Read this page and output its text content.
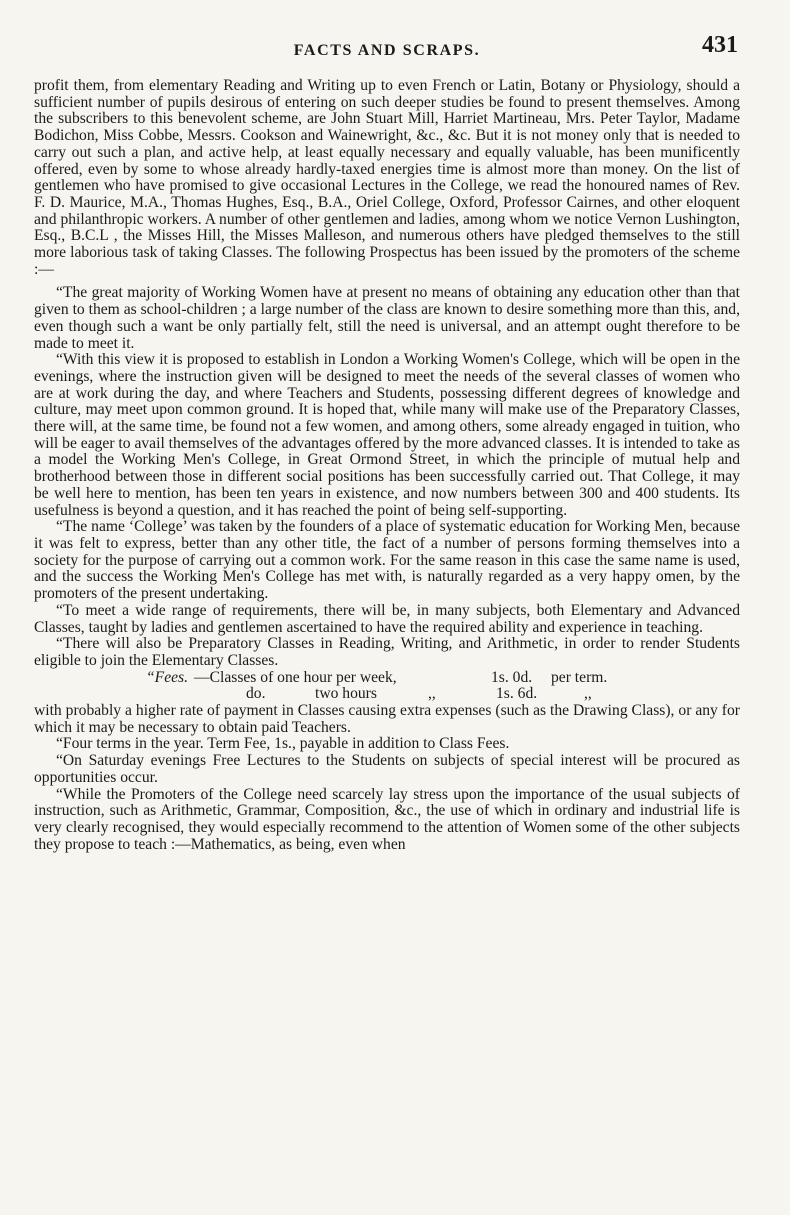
FACTS AND SCRAPS.	431

profit them, from elementary Reading and Writing up to even French or Latin, Botany or Physiology, should a sufficient number of pupils desirous of entering on such deeper studies be found to present themselves. Among the subscribers to this benevolent scheme, are John Stuart Mill, Harriet Martineau, Mrs. Peter Taylor, Madame Bodichon, Miss Cobbe, Messrs. Cookson and Wainewright, &c., &c. But it is not money only that is needed to carry out such a plan, and active help, at least equally necessary and equally valuable, has been munificently offered, even by some to whose already hardly-taxed energies time is almost more than money. On the list of gentlemen who have promised to give occasional Lectures in the College, we read the honoured names of Rev. F. D. Maurice, M.A., Thomas Hughes, Esq., B.A., Oriel College, Oxford, Professor Cairnes, and other eloquent and philanthropic workers. A number of other gentlemen and ladies, among whom we notice Vernon Lushington, Esq., B.C.L , the Misses Hill, the Misses Malleson, and numerous others have pledged themselves to the still more laborious task of taking Classes. The following Prospectus has been issued by the promoters of the scheme :—

“The great majority of Working Women have at present no means of obtaining any education other than that given to them as school-children ; a large number of the class are known to desire something more than this, and, even though such a want be only partially felt, still the need is universal, and an attempt ought therefore to be made to meet it.

“With this view it is proposed to establish in London a Working Women's College, which will be open in the evenings, where the instruction given will be designed to meet the needs of the several classes of women who are at work during the day, and where Teachers and Students, possessing different degrees of knowledge and culture, may meet upon common ground. It is hoped that, while many will make use of the Preparatory Classes, there will, at the same time, be found not a few women, and among others, some already engaged in tuition, who will be eager to avail themselves of the advantages offered by the more advanced classes. It is intended to take as a model the Working Men's College, in Great Ormond Street, in which the principle of mutual help and brotherhood between those in different social positions has been successfully carried out. That College, it may be well here to mention, has been ten years in existence, and now numbers between 300 and 400 students. Its usefulness is beyond a question, and it has reached the point of being self-supporting.

“The name ‘College’ was taken by the founders of a place of systematic education for Working Men, because it was felt to express, better than any other title, the fact of a number of persons forming themselves into a society for the purpose of carrying out a common work. For the same reason in this case the same name is used, and the success the Working Men's College has met with, is naturally regarded as a very happy omen, by the promoters of the present undertaking.

“To meet a wide range of requirements, there will be, in many subjects, both Elementary and Advanced Classes, taught by ladies and gentlemen ascertained to have the required ability and experience in teaching.

“There will also be Preparatory Classes in Reading, Writing, and Arithmetic, in order to render Students eligible to join the Elementary Classes.

“Fees. —Classes of one hour per week,	1s. 0d. per term.
do.	two hours	,,	1s. 6d.	,,

with probably a higher rate of payment in Classes causing extra expenses (such as the Drawing Class), or any for which it may be necessary to obtain paid Teachers.

“Four terms in the year. Term Fee, 1s., payable in addition to Class Fees.

“On Saturday evenings Free Lectures to the Students on subjects of special interest will be procured as opportunities occur.

“While the Promoters of the College need scarcely lay stress upon the importance of the usual subjects of instruction, such as Arithmetic, Grammar, Composition, &c., the use of which in ordinary and industrial life is very clearly recognised, they would especially recommend to the attention of Women some of the other subjects they propose to teach :—Mathematics, as being, even when
